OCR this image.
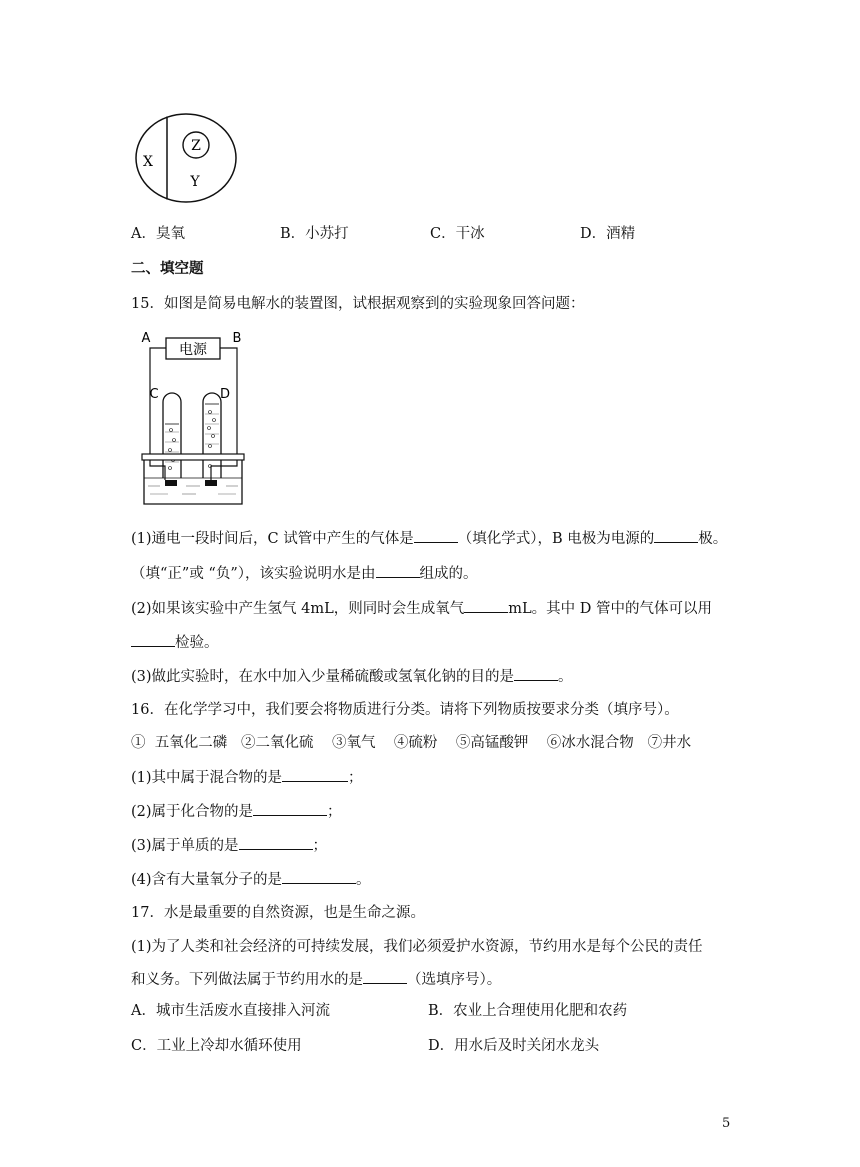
X
Z
Y
A．臭氧	B．小苏打	C．干冰	D．酒精
二、填空题
15．如图是简易电解水的装置图，试根据观察到的实验现象回答问题：
A	B
电源
C	D
(1)通电一段时间后，C 试管中产生的气体是	（填化学式），B 电极为电源的	极。
（填“正”或 “负”），该实验说明水是由	组成的。
(2)如果该实验中产生氢气 4mL，则同时会生成氧气	mL。其中 D 管中的气体可以用
检验。
(3)做此实验时，在水中加入少量稀硫酸或氢氧化钠的目的是	。
16．在化学学习中，我们要会将物质进行分类。请将下列物质按要求分类（填序号）。
①  五氧化二磷   ②二氧化硫    ③氧气    ④硫粉    ⑤高锰酸钾    ⑥冰水混合物   ⑦井水
(1)其中属于混合物的是	；
(2)属于化合物的是	；
(3)属于单质的是	；
(4)含有大量氧分子的是	。
17．水是最重要的自然资源，也是生命之源。
(1)为了人类和社会经济的可持续发展，我们必须爱护水资源，节约用水是每个公民的责任
和义务。下列做法属于节约用水的是	（选填序号）。
A．城市生活废水直接排入河流	B．农业上合理使用化肥和农药
C．工业上冷却水循环使用	D．用水后及时关闭水龙头
5
